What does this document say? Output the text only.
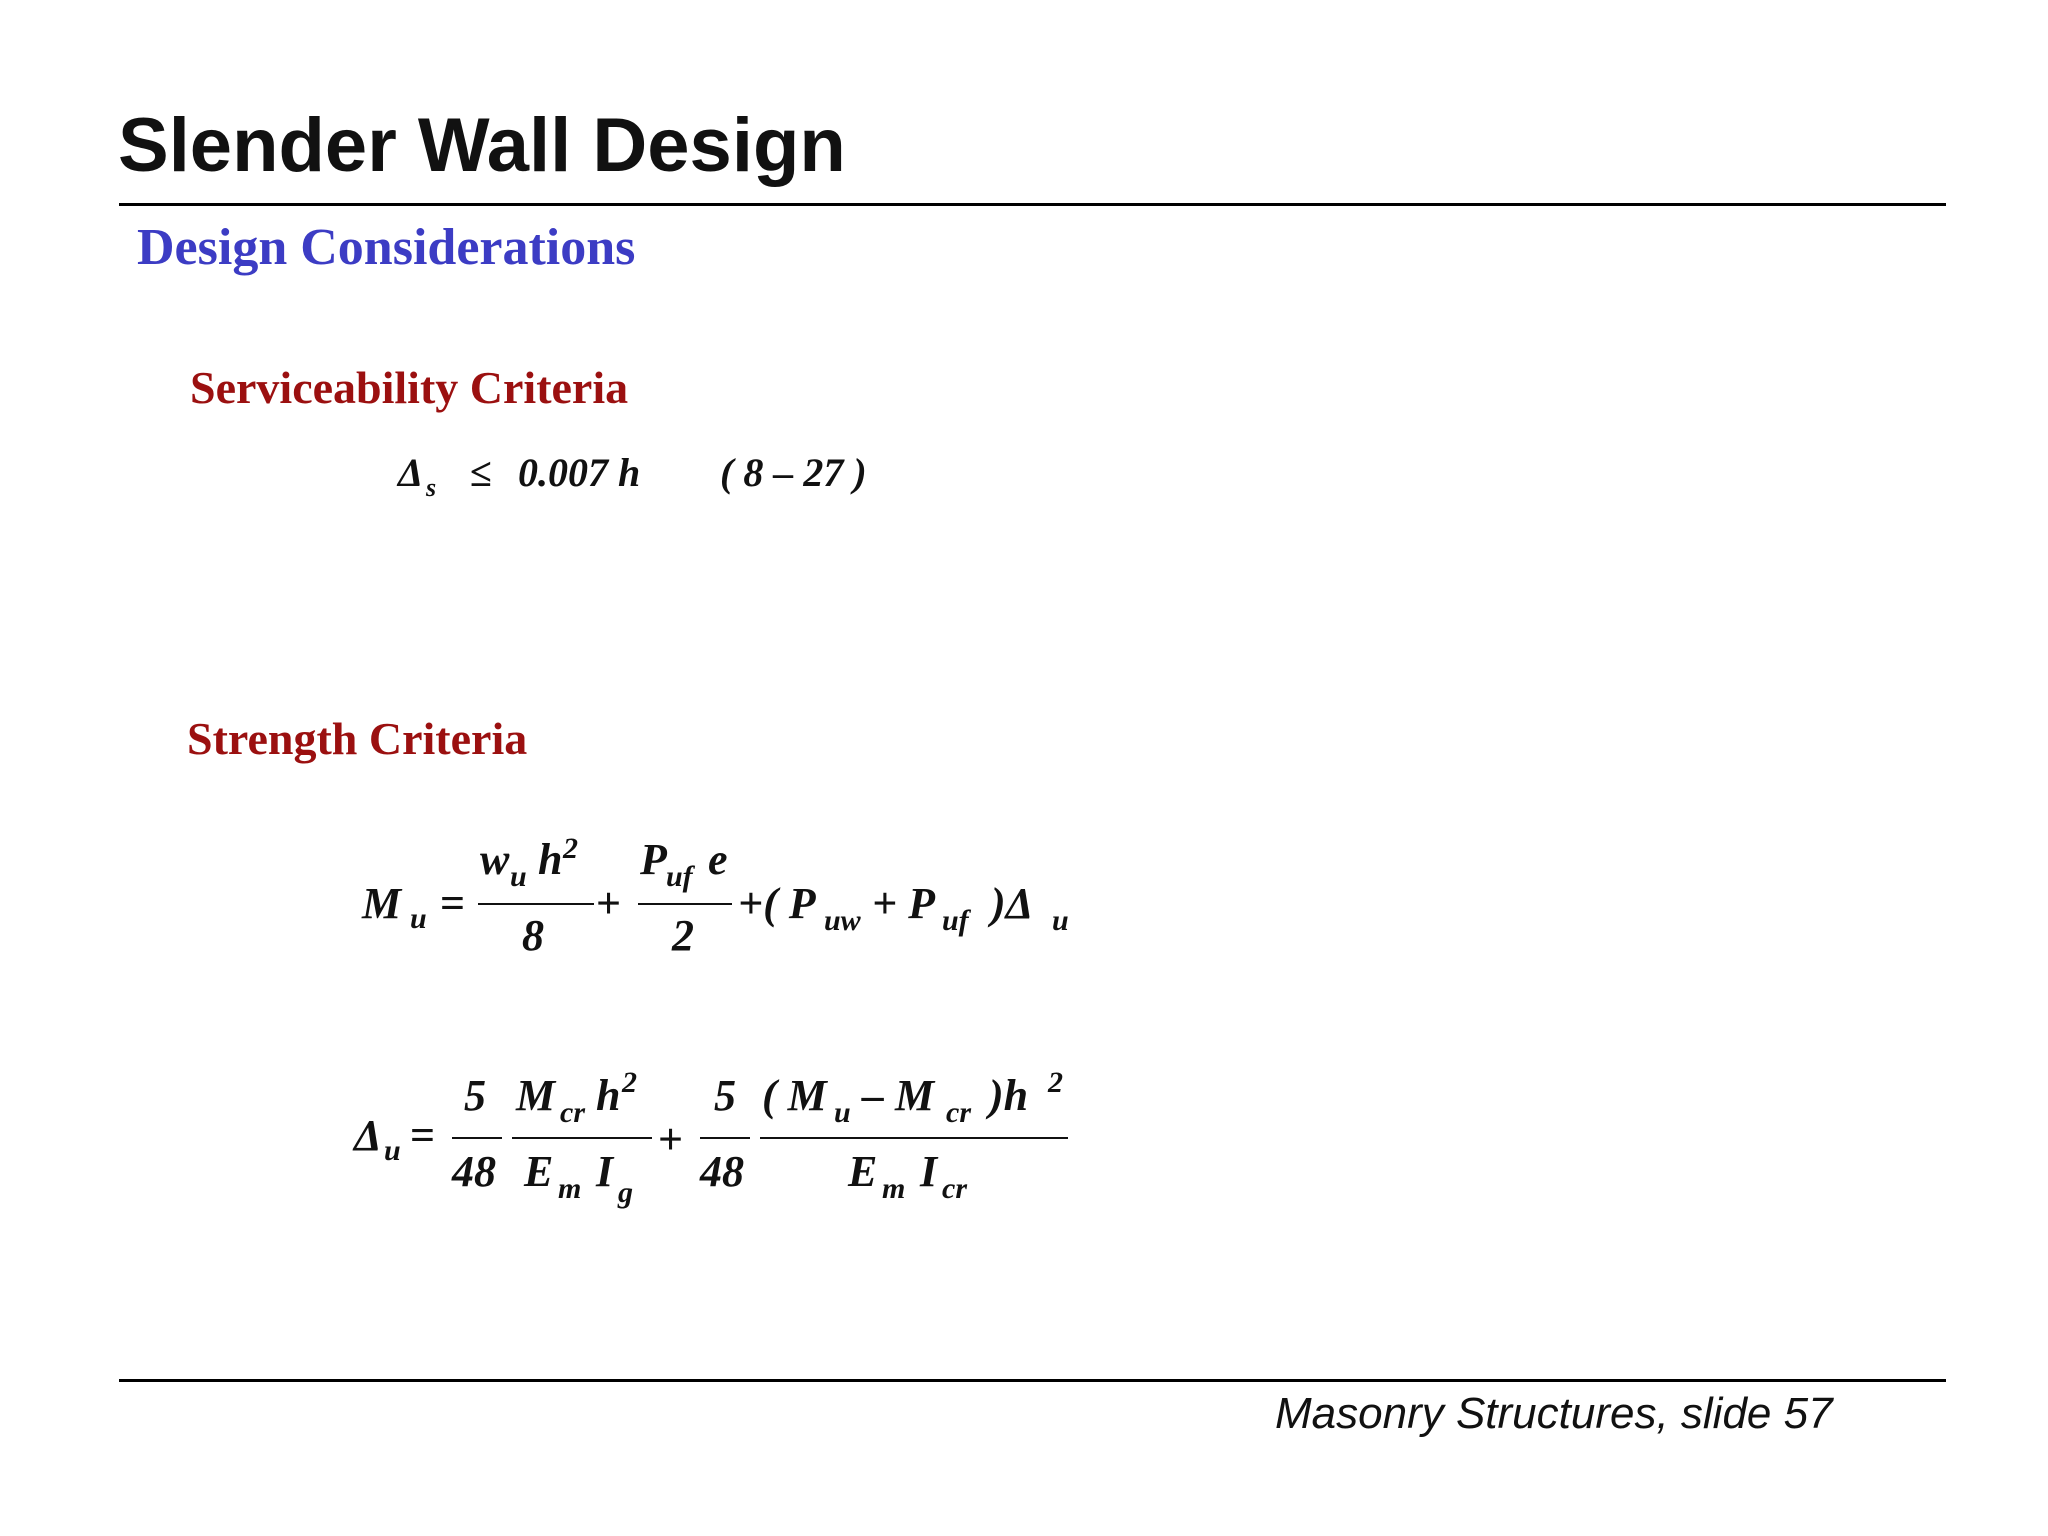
Slender Wall Design
Design Considerations
Serviceability Criteria
Δ s ≤ 0.007 h ( 8 – 27 )
Strength Criteria
M u =
w u h 2
8
+
P uf e
2
+( P uw + P uf )Δ u
Δ u =
5
48
M cr h 2
E m I g
+
5
48
( M u – M cr )h 2
E m I cr
Masonry Structures, slide 57
